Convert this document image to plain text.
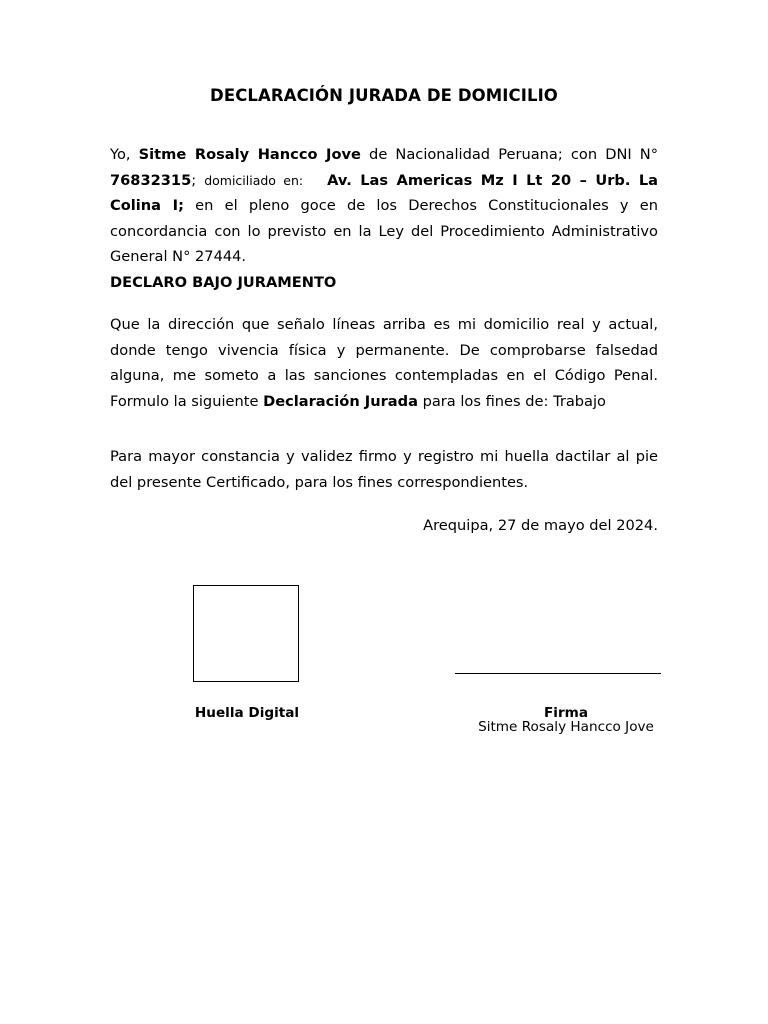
DECLARACIÓN JURADA DE DOMICILIO

Yo, Sitme Rosaly Hancco Jove de Nacionalidad Peruana; con DNI N° 76832315; domiciliado en: Av. Las Americas Mz I Lt 20 – Urb. La Colina I; en el pleno goce de los Derechos Constitucionales y en concordancia con lo previsto en la Ley del Procedimiento Administrativo General N° 27444.
DECLARO BAJO JURAMENTO

Que la dirección que señalo líneas arriba es mi domicilio real y actual, donde tengo vivencia física y permanente. De comprobarse falsedad alguna, me someto a las sanciones contempladas en el Código Penal. Formulo la siguiente Declaración Jurada para los fines de: Trabajo

Para mayor constancia y validez firmo y registro mi huella dactilar al pie del presente Certificado, para los fines correspondientes.

Arequipa, 27 de mayo del 2024.
Huella Digital	Firma
Sitme Rosaly Hancco Jove
